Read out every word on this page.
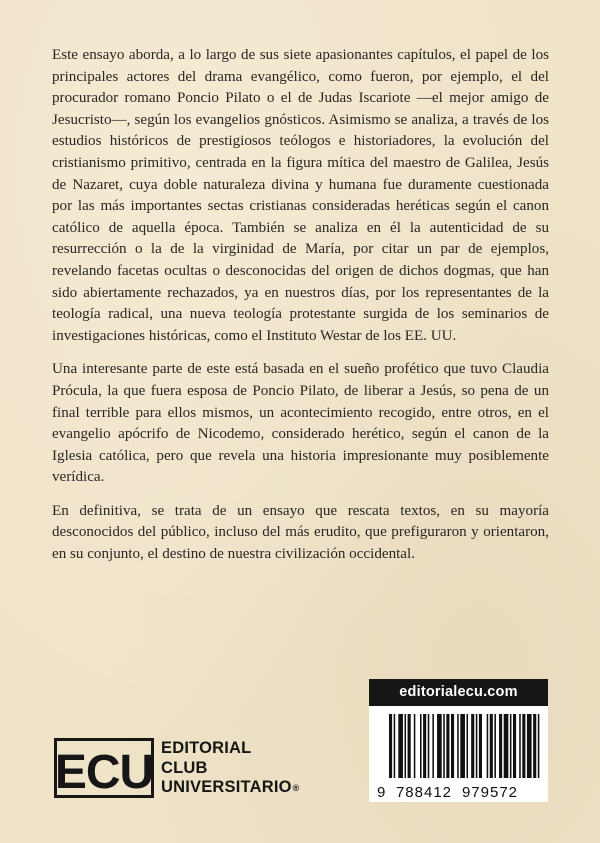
Este ensayo aborda, a lo largo de sus siete apasionantes capítulos, el papel de los principales actores del drama evangélico, como fueron, por ejemplo, el del procurador romano Poncio Pilato o el de Judas Iscariote —el mejor amigo de Jesucristo—, según los evangelios gnósticos. Asimismo se analiza, a través de los estudios históricos de prestigiosos teólogos e historiadores, la evolución del cristianismo primitivo, centrada en la figura mítica del maestro de Galilea, Jesús de Nazaret, cuya doble naturaleza divina y humana fue duramente cuestionada por las más importantes sectas cristianas consideradas heréticas según el canon católico de aquella época. También se analiza en él la autenticidad de su resurrección o la de la virginidad de María, por citar un par de ejemplos, revelando facetas ocultas o desconocidas del origen de dichos dogmas, que han sido abiertamente rechazados, ya en nuestros días, por los representantes de la teología radical, una nueva teología protestante surgida de los seminarios de investigaciones históricas, como el Instituto Westar de los EE. UU.

Una interesante parte de este está basada en el sueño profético que tuvo Claudia Prócula, la que fuera esposa de Poncio Pilato, de liberar a Jesús, so pena de un final terrible para ellos mismos, un acontecimiento recogido, entre otros, en el evangelio apócrifo de Nicodemo, considerado herético, según el canon de la Iglesia católica, pero que revela una historia impresionante muy posiblemente verídica.

En definitiva, se trata de un ensayo que rescata textos, en su mayoría desconocidos del público, incluso del más erudito, que prefiguraron y orientaron, en su conjunto, el destino de nuestra civilización occidental.

editorialecu.com
9 788412 979572
ECU EDITORIAL
CLUB
UNIVERSITARIO®
